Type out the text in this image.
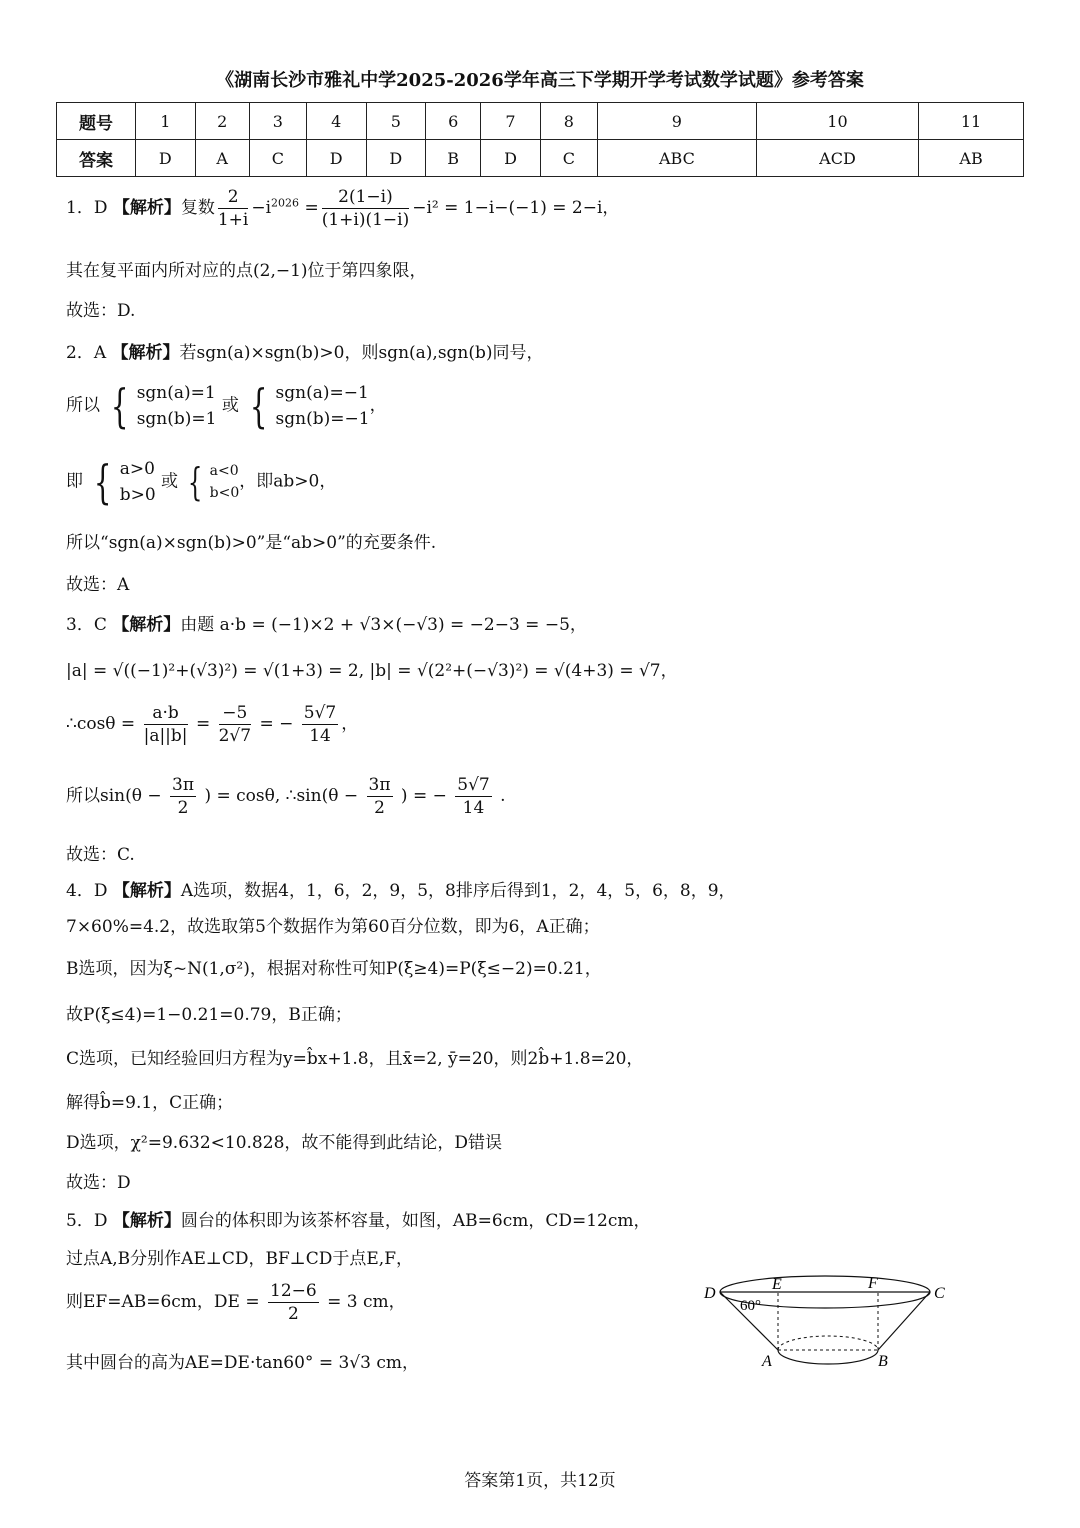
《湖南长沙市雅礼中学2025-2026学年高三下学期开学考试数学试题》参考答案
题号	1	2	3	4	5	6	7	8	9	10	11
答案	D	A	C	D	D	B	D	C	ABC	ACD	AB
1．D 【解析】复数 $\frac{2}{1+i} -i^{2026} = \frac{2(1-i)}{(1+i)(1-i)} -i^2 = 1-i-(-1) = 2-i$，
其在复平面内所对应的点(2,−1)位于第四象限，
故选：D.
2．A 【解析】若sgn(a)×sgn(b)>0，则sgn(a),sgn(b)同号，
所以 { sgn(a)=1
sgn(b)=1
或 { sgn(a)=−1
sgn(b)=−1
，
即 { a>0
b>0
或 { a<0
b<0
，即ab>0，
所以“sgn(a)×sgn(b)>0”是“ab>0”的充要条件.
故选：A
3．C 【解析】由题 a·b = (−1)×2 + √3×(−√3) = −2−3 = −5，
|a| = √((−1)²+(√3)²) = √(1+3) = 2, |b| = √(2²+(−√3)²) = √(4+3) = √7，
∴cosθ = $\frac{a\cdot b}{|a||b|} = \frac{-5}{2√7}$ = − $\frac{5√7}{14}$ ，
所以$\sin(\theta - \frac{3\pi}{2}$ ) = cosθ, ∴sin(θ − $\frac{3\pi}{2}$ ) = − $\frac{5√7}{14}$ .
故选：C.
4．D 【解析】A选项，数据4，1，6，2，9，5，8排序后得到1，2，4，5，6，8，9，
7×60%=4.2，故选取第5个数据作为第60百分位数，即为6，A正确；
B选项，因为ξ~N(1,σ²)，根据对称性可知P(ξ≥4)=P(ξ≤−2)=0.21，
故P(ξ≤4)=1−0.21=0.79，B正确；
C选项，已知经验回归方程为y=b̂x+1.8，且x̄=2, ȳ=20，则2b̂+1.8=20，
解得b̂=9.1，C正确；
D选项，χ²=9.632<10.828，故不能得到此结论，D错误
故选：D
5．D 【解析】圆台的体积即为该茶杯容量，如图，AB=6cm，CD=12cm，
过点A,B分别作AE⊥CD，BF⊥CD于点E,F，
则EF=AB=6cm，DE = $\frac{12-6}{2} = 3$ cm，
其中圆台的高为AE=DE·tan60° = 3√3 cm，
D
E	F
C
A	B
60°
答案第1页，共12页
